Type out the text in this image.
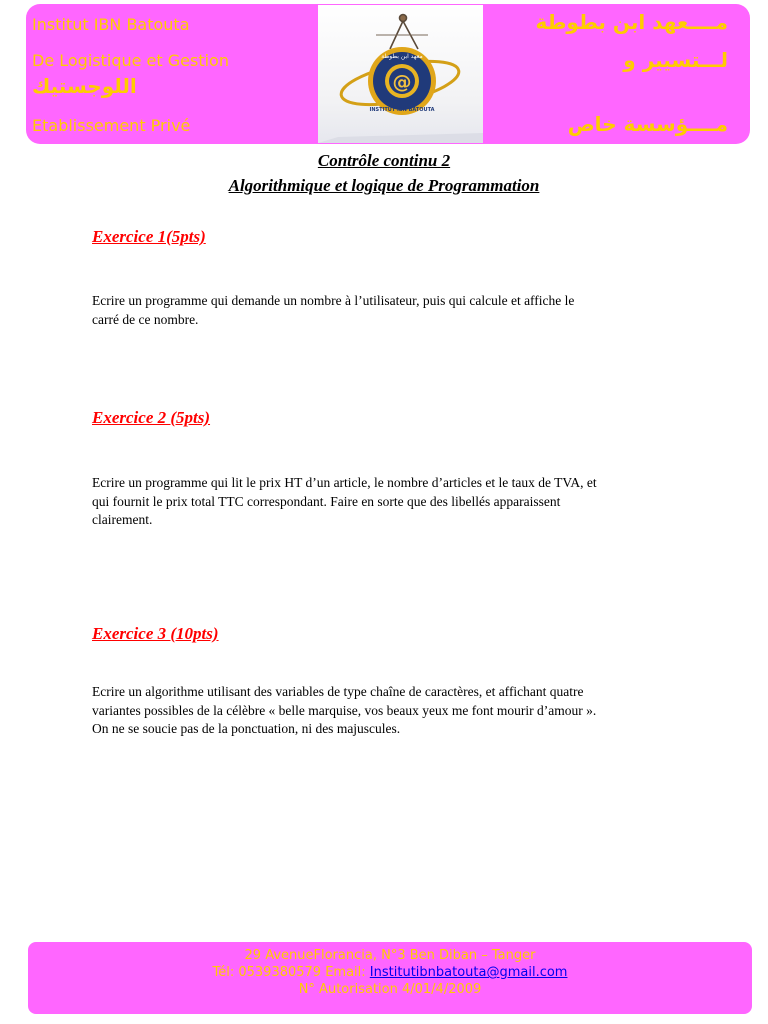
Institut IBN Batouta
De Logistique et Gestion
اللوجستيك
Etablissement Privé
مــــعهد ابن بطوطة
لـــتسيير و
مــــؤسسة خاص
@
معهد ابن بطوطة
INSTITUT IBN BATOUTA
Contrôle continu 2
Algorithmique et logique de Programmation
Exercice 1(5pts)
Ecrire un programme qui demande un nombre à l’utilisateur, puis qui calcule et affiche le
carré de ce nombre.
Exercice 2 (5pts)
Ecrire un programme qui lit le prix HT d’un article, le nombre d’articles et le taux de TVA, et
qui fournit le prix total TTC correspondant. Faire en sorte que des libellés apparaissent
clairement.
Exercice 3 (10pts)
Ecrire un algorithme utilisant des variables de type chaîne de caractères, et affichant quatre
variantes possibles de la célèbre « belle marquise, vos beaux yeux me font mourir d’amour ».
On ne se soucie pas de la ponctuation, ni des majuscules.
29 AvenueFlorancia, N°3 Ben Diban – Tanger
Tél: 0539380579 Email: Institutibnbatouta@gmail.com
N° Autorisation 4/01/4/2009
